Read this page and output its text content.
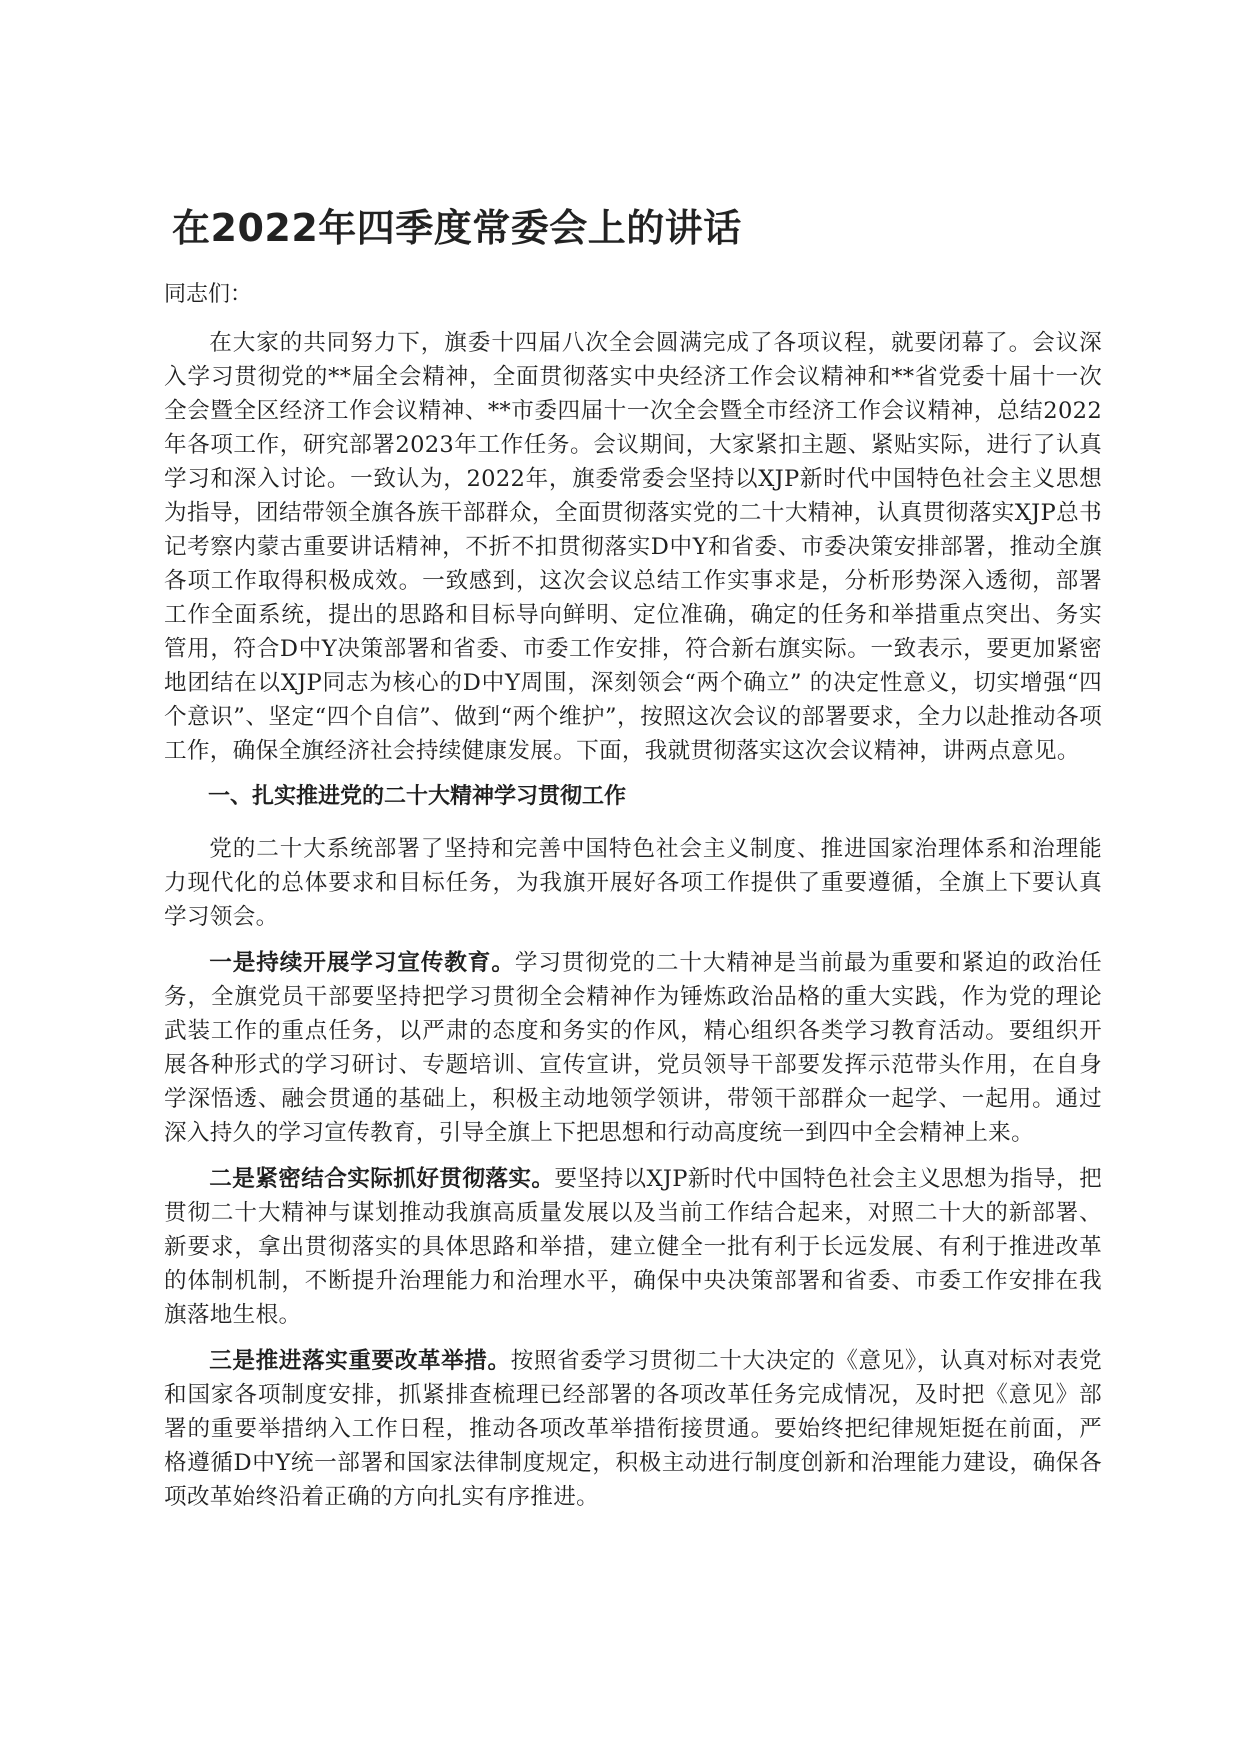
在2022年四季度常委会上的讲话

同志们：

在大家的共同努力下，旗委十四届八次全会圆满完成了各项议程，就要闭幕了。会议深入学习贯彻党的**届全会精神，全面贯彻落实中央经济工作会议精神和**省党委十届十一次全会暨全区经济工作会议精神、**市委四届十一次全会暨全市经济工作会议精神，总结2022年各项工作，研究部署2023年工作任务。会议期间，大家紧扣主题、紧贴实际，进行了认真学习和深入讨论。一致认为，2022年，旗委常委会坚持以XJP新时代中国特色社会主义思想为指导，团结带领全旗各族干部群众，全面贯彻落实党的二十大精神，认真贯彻落实XJP总书记考察内蒙古重要讲话精神，不折不扣贯彻落实D中Y和省委、市委决策安排部署，推动全旗各项工作取得积极成效。一致感到，这次会议总结工作实事求是，分析形势深入透彻，部署工作全面系统，提出的思路和目标导向鲜明、定位准确，确定的任务和举措重点突出、务实管用，符合D中Y决策部署和省委、市委工作安排，符合新右旗实际。一致表示，要更加紧密地团结在以XJP同志为核心的D中Y周围，深刻领会“两个确立” 的决定性意义，切实增强“四个意识”、坚定“四个自信”、做到“两个维护”，按照这次会议的部署要求，全力以赴推动各项工作，确保全旗经济社会持续健康发展。下面，我就贯彻落实这次会议精神，讲两点意见。

一、扎实推进党的二十大精神学习贯彻工作

党的二十大系统部署了坚持和完善中国特色社会主义制度、推进国家治理体系和治理能力现代化的总体要求和目标任务，为我旗开展好各项工作提供了重要遵循，全旗上下要认真学习领会。

一是持续开展学习宣传教育。学习贯彻党的二十大精神是当前最为重要和紧迫的政治任务，全旗党员干部要坚持把学习贯彻全会精神作为锤炼政治品格的重大实践，作为党的理论武装工作的重点任务，以严肃的态度和务实的作风，精心组织各类学习教育活动。要组织开展各种形式的学习研讨、专题培训、宣传宣讲，党员领导干部要发挥示范带头作用，在自身学深悟透、融会贯通的基础上，积极主动地领学领讲，带领干部群众一起学、一起用。通过深入持久的学习宣传教育，引导全旗上下把思想和行动高度统一到四中全会精神上来。

二是紧密结合实际抓好贯彻落实。要坚持以XJP新时代中国特色社会主义思想为指导，把贯彻二十大精神与谋划推动我旗高质量发展以及当前工作结合起来，对照二十大的新部署、新要求，拿出贯彻落实的具体思路和举措，建立健全一批有利于长远发展、有利于推进改革的体制机制，不断提升治理能力和治理水平，确保中央决策部署和省委、市委工作安排在我旗落地生根。

三是推进落实重要改革举措。按照省委学习贯彻二十大决定的《意见》，认真对标对表党和国家各项制度安排，抓紧排查梳理已经部署的各项改革任务完成情况，及时把《意见》部署的重要举措纳入工作日程，推动各项改革举措衔接贯通。要始终把纪律规矩挺在前面，严格遵循D中Y统一部署和国家法律制度规定，积极主动进行制度创新和治理能力建设，确保各项改革始终沿着正确的方向扎实有序推进。
